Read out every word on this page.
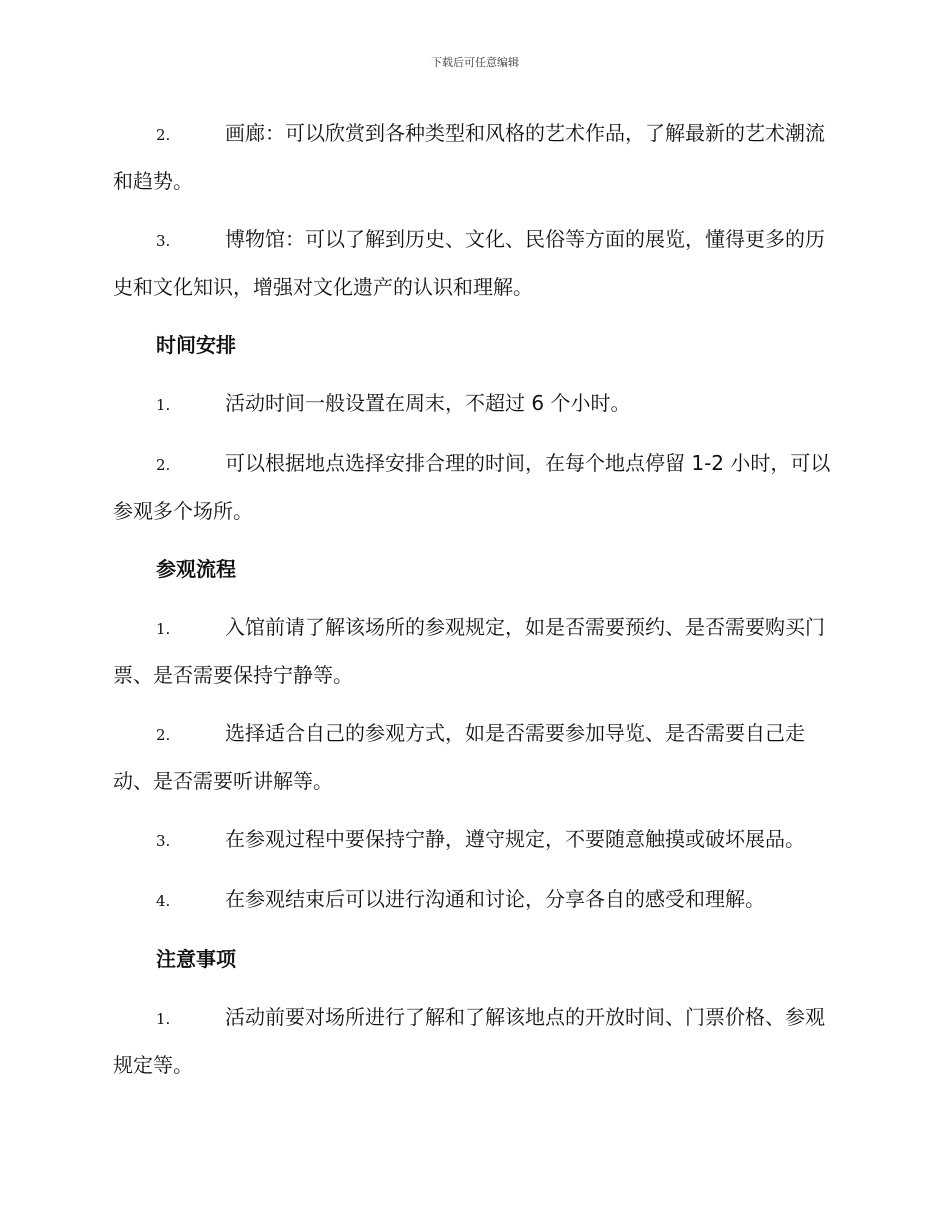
下载后可任意编辑

2.	画廊：可以欣赏到各种类型和风格的艺术作品，了解最新的艺术潮流和趋势。

3.	博物馆：可以了解到历史、文化、民俗等方面的展览，懂得更多的历史和文化知识，增强对文化遗产的认识和理解。

时间安排

1.	活动时间一般设置在周末，不超过 6 个小时。

2.	可以根据地点选择安排合理的时间，在每个地点停留 1-2 小时，可以参观多个场所。

参观流程

1.	入馆前请了解该场所的参观规定，如是否需要预约、是否需要购买门票、是否需要保持宁静等。

2.	选择适合自己的参观方式，如是否需要参加导览、是否需要自己走动、是否需要听讲解等。

3.	在参观过程中要保持宁静，遵守规定，不要随意触摸或破坏展品。

4.	在参观结束后可以进行沟通和讨论，分享各自的感受和理解。

注意事项

1.	活动前要对场所进行了解和了解该地点的开放时间、门票价格、参观规定等。
